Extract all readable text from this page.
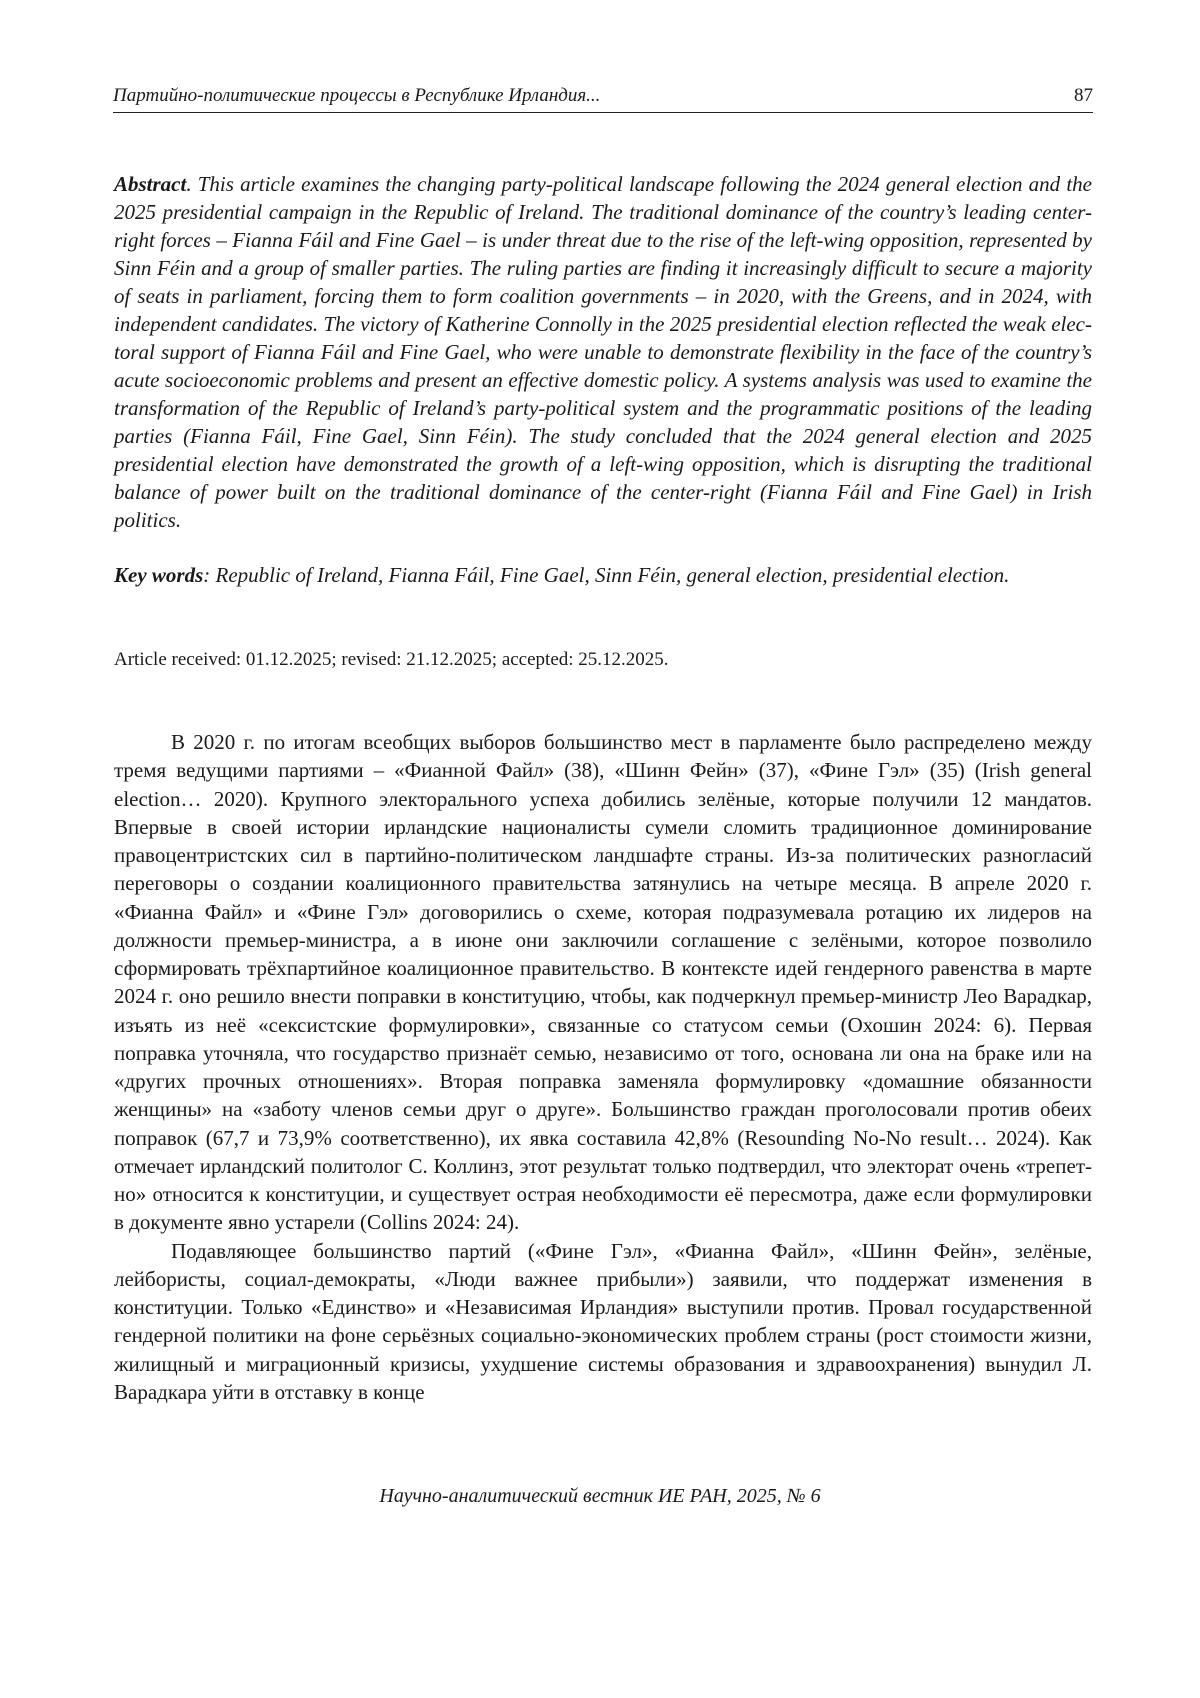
Партийно-политические процессы в Республике Ирландия...	87

Abstract. This article examines the changing party-political landscape following the 2024 general election and the 2025 presidential campaign in the Republic of Ireland. The traditional dominance of the country’s leading center-right forces – Fianna Fáil and Fine Gael – is under threat due to the rise of the left-wing opposition, represented by Sinn Féin and a group of smaller parties. The ruling parties are finding it increasingly difficult to secure a majority of seats in parliament, forcing them to form coalition governments – in 2020, with the Greens, and in 2024, with independent candidates. The victory of Katherine Connolly in the 2025 presidential election reflected the weak electoral support of Fianna Fáil and Fine Gael, who were unable to demonstrate flexibility in the face of the country’s acute socioeconomic problems and present an effective domestic policy. A systems analysis was used to examine the transformation of the Republic of Ireland’s party-political system and the programmatic positions of the leading parties (Fianna Fáil, Fine Gael, Sinn Féin). The study concluded that the 2024 general election and 2025 presidential election have demonstrated the growth of a left-wing opposition, which is disrupting the traditional balance of power built on the traditional dominance of the center-right (Fianna Fáil and Fine Gael) in Irish politics.

Key words: Republic of Ireland, Fianna Fáil, Fine Gael, Sinn Féin, general election, presidential election.

Article received: 01.12.2025; revised: 21.12.2025; accepted: 25.12.2025.

В 2020 г. по итогам всеобщих выборов большинство мест в парламенте было распределено между тремя ведущими партиями – «Фианной Файл» (38), «Шинн Фейн» (37), «Фине Гэл» (35) (Irish general election… 2020). Крупного электорального успеха добились зелёные, которые получили 12 мандатов. Впервые в своей истории ирландские националисты сумели сломить традиционное доминирование правоцентристских сил в партийно-политическом ландшафте страны. Из-за политических разногласий переговоры о создании коалиционного правительства затянулись на четыре месяца. В апреле 2020 г. «Фианна Файл» и «Фине Гэл» договорились о схеме, которая подразумевала ротацию их лидеров на должности премьер-министра, а в июне они заключили соглашение с зелёными, которое позволило сформировать трёхпартийное коалиционное правительство. В контексте идей гендерного равенства в марте 2024 г. оно решило внести поправки в конституцию, чтобы, как подчеркнул премьер-министр Лео Варадкар, изъять из неё «сексистские формулировки», связанные со статусом семьи (Охошин 2024: 6). Первая поправка уточняла, что государство признаёт семью, независимо от того, основана ли она на браке или на «других прочных отношениях». Вторая поправка заменяла формулировку «домашние обязанности женщины» на «заботу членов семьи друг о друге». Большинство граждан проголосовали против обеих поправок (67,7 и 73,9% соответственно), их явка составила 42,8% (Resounding No-No result… 2024). Как отмечает ирландский политолог С. Коллинз, этот результат только подтвердил, что электорат очень «трепетно» относится к конституции, и существует острая необходимости её пересмотра, даже если формулировки в документе явно устарели (Collins 2024: 24).

Подавляющее большинство партий («Фине Гэл», «Фианна Файл», «Шинн Фейн», зелёные, лейбористы, социал-демократы, «Люди важнее прибыли») заявили, что поддержат изменения в конституции. Только «Единство» и «Независимая Ирландия» выступили против. Провал государственной гендерной политики на фоне серьёзных социально-экономических проблем страны (рост стоимости жизни, жилищный и миграционный кризисы, ухудшение системы образования и здравоохранения) вынудил Л. Варадкара уйти в отставку в конце

Научно-аналитический вестник ИЕ РАН, 2025, № 6
